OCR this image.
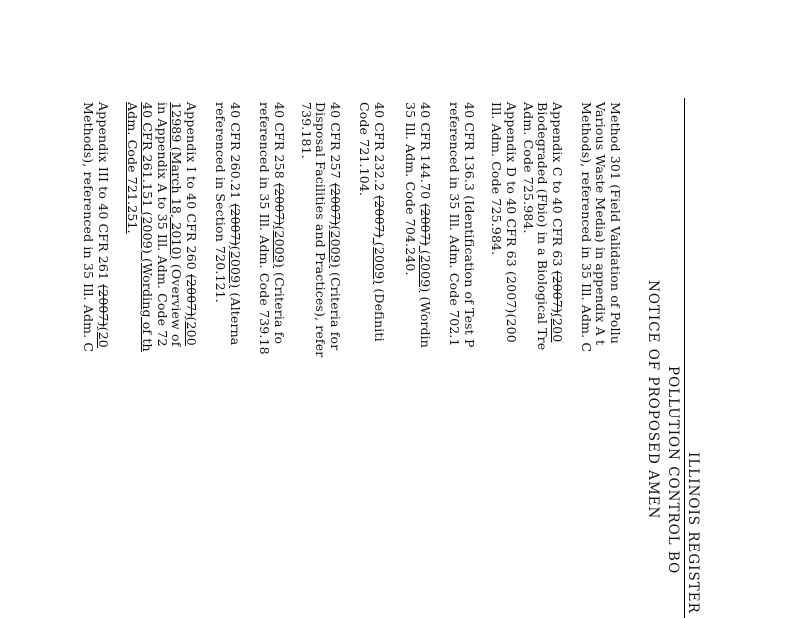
ILLINOIS REGISTER
POLLUTION CONTROL BO
NOTICE OF PROPOSED AMEN
Method 301 (Field Validation of Pollu
Various Waste Media) in appendix A t
Methods), referenced in 35 Ill. Adm. C
Appendix C to 40 CFR 63 (2007)(200
Biodegraded (Fbio) in a Biological Tre
Adm. Code 725.984.
Appendix D to 40 CFR 63 (2007)(200
Ill. Adm. Code 725.984.
40 CFR 136.3 (Identification of Test P
referenced in 35 Ill. Adm. Code 702.1
40 CFR 144.70 (2007) (2009) (Wordin
35 Ill. Adm. Code 704.240.
40 CFR 232.2 (2007) (2009) (Definiti
Code 721.104.
40 CFR 257 (2007)(2009) (Criteria for
Disposal Facilities and Practices), refer
739.181.
40 CFR 258 (2007)(2009) (Criteria fo
referenced in 35 Ill. Adm. Code 739.18
40 CFR 260.21 (2007)(2009) (Alterna
referenced in Section 720.121.
Appendix I to 40 CFR 260 (2007)(200
12989 (March 18, 2010) (Overview of
in Appendix A to 35 Ill. Adm. Code 72
40 CFR 261.151 (2009) (Wording of th
Adm. Code 721.251.
Appendix III to 40 CFR 261 (2007)(20
Methods), referenced in 35 Ill. Adm. C
